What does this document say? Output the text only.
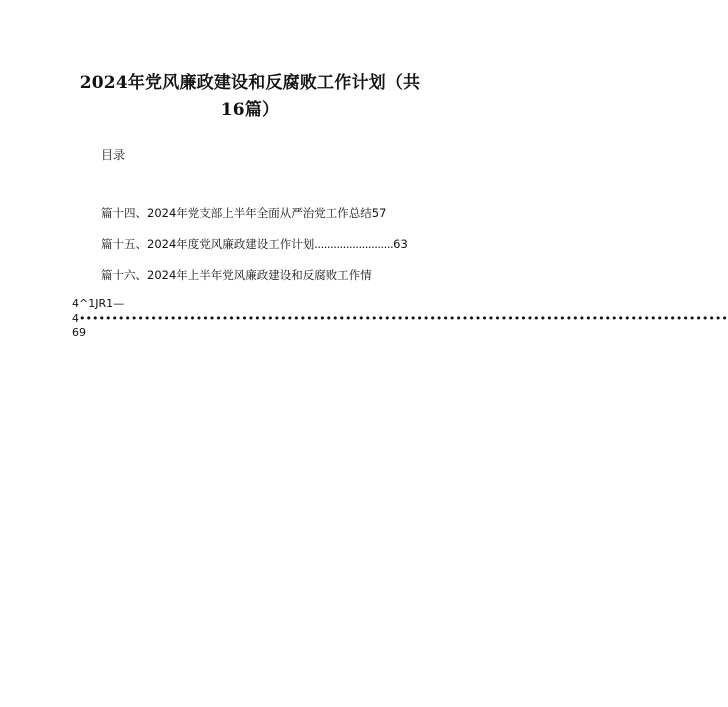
2024年党风廉政建设和反腐败工作计划（共
16篇）
目录
篇十四、2024年党支部上半年全面从严治党工作总结57
篇十五、2024年度党风廉政建设工作计划.........................63
篇十六、2024年上半年党风廉政建设和反腐败工作情
4^1JR1—
4••••••••••••••••••••••••••••••••••••••••••••••••••••••••••••••••••••••••••••••••••••••••••••••••••••
69
